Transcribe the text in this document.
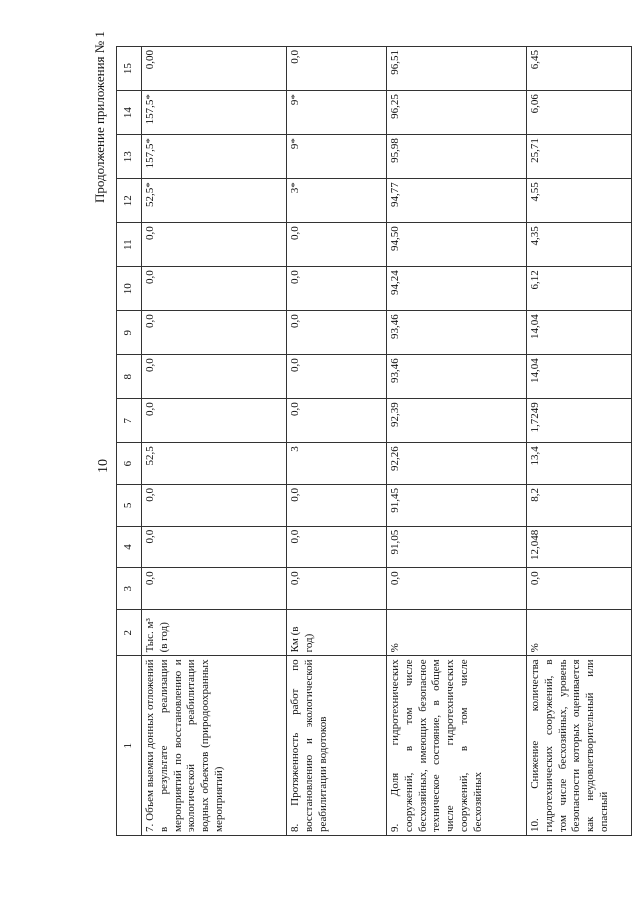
10
Продолжение приложения № 1
1	2	3	4	5	6	7	8	9	10	11	12	13	14	15
7. Объем выемки донных отложений в результате реализации мероприятий по восстановлению и экологической реабилитации водных объектов (природоохранных мероприятий)	Тыс. м³ (в год)	0,0	0,0	0,0	52,5	0,0	0,0	0,0	0,0	0,0	52,5*	157,5*	157,5*	0,00
8. Протяженность работ по восстановлению и экологической реабилитации водотоков	Км (в год)	0,0	0,0	0,0	3	0,0	0,0	0,0	0,0	0,0	3*	9*	9*	0,0
9. Доля гидротехнических сооружений, в том числе бесхозяйных, имеющих безопасное техническое состояние, в общем числе гидротехнических сооружений, в том числе бесхозяйных	%	0,0	91,05	91,45	92,26	92,39	93,46	93,46	94,24	94,50	94,77	95,98	96,25	96,51
10. Снижение количества гидротехнических сооружений, в том числе бесхозяйных, уровень безопасности которых оценивается как неудовлетворительный или опасный	%	0,0	12,048	8,2	13,4	1,7249	14,04	14,04	6,12	4,35	4,55	25,71	6,06	6,45
